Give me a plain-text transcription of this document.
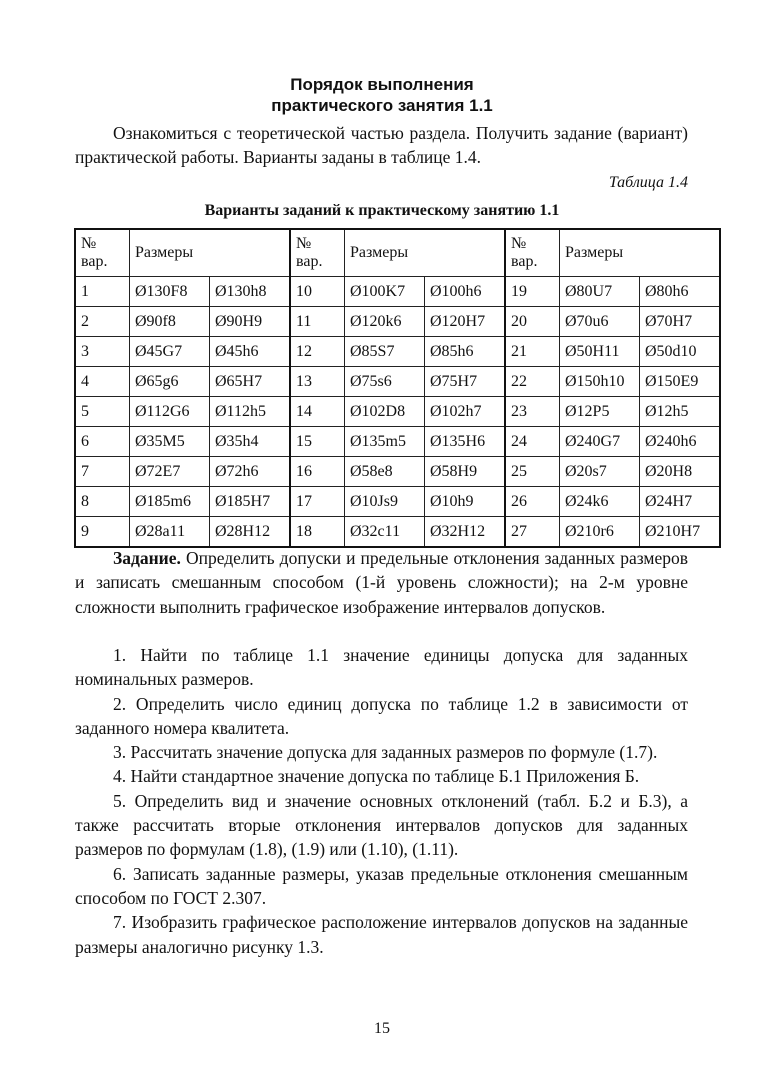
Порядок выполнения
практического занятия 1.1
Ознакомиться с теоретической частью раздела. Получить задание (вариант) практической работы. Варианты заданы в таблице 1.4.
Таблица 1.4
Варианты заданий к практическому занятию 1.1
№ вар.	Размеры		№ вар.	Размеры		№ вар.	Размеры	
1	Ø130F8	Ø130h8	10	Ø100K7	Ø100h6	19	Ø80U7	Ø80h6
2	Ø90f8	Ø90H9	11	Ø120k6	Ø120H7	20	Ø70u6	Ø70H7
3	Ø45G7	Ø45h6	12	Ø85S7	Ø85h6	21	Ø50H11	Ø50d10
4	Ø65g6	Ø65H7	13	Ø75s6	Ø75H7	22	Ø150h10	Ø150E9
5	Ø112G6	Ø112h5	14	Ø102D8	Ø102h7	23	Ø12P5	Ø12h5
6	Ø35M5	Ø35h4	15	Ø135m5	Ø135H6	24	Ø240G7	Ø240h6
7	Ø72E7	Ø72h6	16	Ø58e8	Ø58H9	25	Ø20s7	Ø20H8
8	Ø185m6	Ø185H7	17	Ø10Js9	Ø10h9	26	Ø24k6	Ø24H7
9	Ø28a11	Ø28H12	18	Ø32c11	Ø32H12	27	Ø210r6	Ø210H7
Задание. Определить допуски и предельные отклонения заданных размеров и записать смешанным способом (1-й уровень сложности); на 2-м уровне сложности выполнить графическое изображение интервалов допусков.
1. Найти по таблице 1.1 значение единицы допуска для заданных номинальных размеров.
2. Определить число единиц допуска по таблице 1.2 в зависимости от заданного номера квалитета.
3. Рассчитать значение допуска для заданных размеров по формуле (1.7).
4. Найти стандартное значение допуска по таблице Б.1 Приложения Б.
5. Определить вид и значение основных отклонений (табл. Б.2 и Б.3), а также рассчитать вторые отклонения интервалов допусков для заданных размеров по формулам (1.8), (1.9) или (1.10), (1.11).
6. Записать заданные размеры, указав предельные отклонения смешанным способом по ГОСТ 2.307.
7. Изобразить графическое расположение интервалов допусков на заданные размеры аналогично рисунку 1.3.
15
